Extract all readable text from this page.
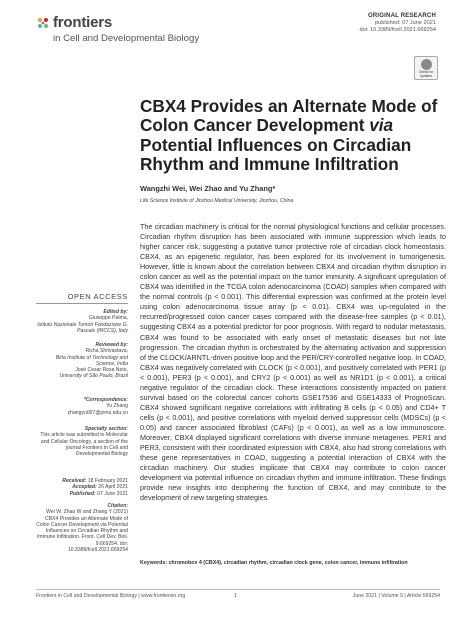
frontiers
in Cell and Developmental Biology
ORIGINAL RESEARCH
published: 07 June 2021
doi: 10.3389/fcell.2021.669254
Check for updates
CBX4 Provides an Alternate Mode of Colon Cancer Development via Potential Influences on Circadian Rhythm and Immune Infiltration
Wangzhi Wei, Wei Zhao and Yu Zhang*
Life Science Institute of Jinzhou Medical University, Jinzhou, China

The circadian machinery is critical for the normal physiological functions and cellular processes. Circadian rhythm disruption has been associated with immune suppression which leads to higher cancer risk, suggesting a putative tumor protective role of circadian clock homeostasis. CBX4, as an epigenetic regulator, has been explored for its involvement in tumorigenesis. However, little is known about the correlation between CBX4 and circadian rhythm disruption in colon cancer as well as the potential impact on the tumor immunity. A significant upregulation of CBX4 was identified in the TCGA colon adenocarcinoma (COAD) samples when compared with the normal controls (p < 0.001). This differential expression was confirmed at the protein level using colon adenocarcinoma tissue array (p < 0.01). CBX4 was up-regulated in the recurred/progressed colon cancer cases compared with the disease-free samples (p < 0.01), suggesting CBX4 as a potential predictor for poor prognosis. With regard to nodular metastasis, CBX4 was found to be associated with early onset of metastatic diseases but not late progression. The circadian rhythm is orchestrated by the alternating activation and suppression of the CLOCK/ARNTL-driven positive loop and the PER/CRY-controlled negative loop. In COAD, CBX4 was negatively correlated with CLOCK (p < 0.001), and positively correlated with PER1 (p < 0.001), PER3 (p < 0.001), and CRY2 (p < 0.001) as well as NR1D1 (p < 0.001), a critical negative regulator of the circadian clock. These interactions consistently impacted on patient survival based on the colorectal cancer cohorts GSE17536 and GSE14333 of PrognoScan. CBX4 showed significant negative correlations with infiltrating B cells (p < 0.05) and CD4+ T cells (p < 0.001), and positive correlations with myeloid derived suppressor cells (MDSCs) (p < 0.05) and cancer associated fibroblast (CAFs) (p < 0.001), as well as a low immunoscore. Moreover, CBX4 displayed significant correlations with diverse immune metagenes. PER1 and PER3, consistent with their coordinated expression with CBX4, also had strong correlations with these gene representatives in COAD, suggesting a potential interaction of CBX4 with the circadian machinery. Our studies implicate that CBX4 may contribute to colon cancer development via potential influence on circadian rhythm and immune infiltration. These findings provide new insights into deciphering the function of CBX4, and may contribute to the development of new targeting strategies.

Keywords: chromobox 4 (CBX4), circadian rhythm, circadian clock gene, colon cancer, immune infiltration
OPEN ACCESS
Edited by:
Giuseppe Palma,
Istituto Nazionale Tumori Fondazione G. Pascale (IRCCS), Italy
Reviewed by:
Richa Shrivastava,
Birla Institute of Technology and Science, India
José Cesar Rosa Neto,
University of São Paulo, Brazil
*Correspondence:
Yu Zhang
zhangyu007@jzmu.edu.cn
Specialty section:
This article was submitted to Molecular and Cellular Oncology, a section of the journal Frontiers in Cell and Developmental Biology
Received: 18 February 2021
Accepted: 26 April 2021
Published: 07 June 2021
Citation:
Wei W, Zhao W and Zhang Y (2021) CBX4 Provides an Alternate Mode of Colon Cancer Development via Potential Influences on Circadian Rhythm and Immune Infiltration. Front. Cell Dev. Biol. 9:669254. doi: 10.3389/fcell.2021.669254
Frontiers in Cell and Developmental Biology | www.frontiersin.org	1	June 2021 | Volume 9 | Article 669254
